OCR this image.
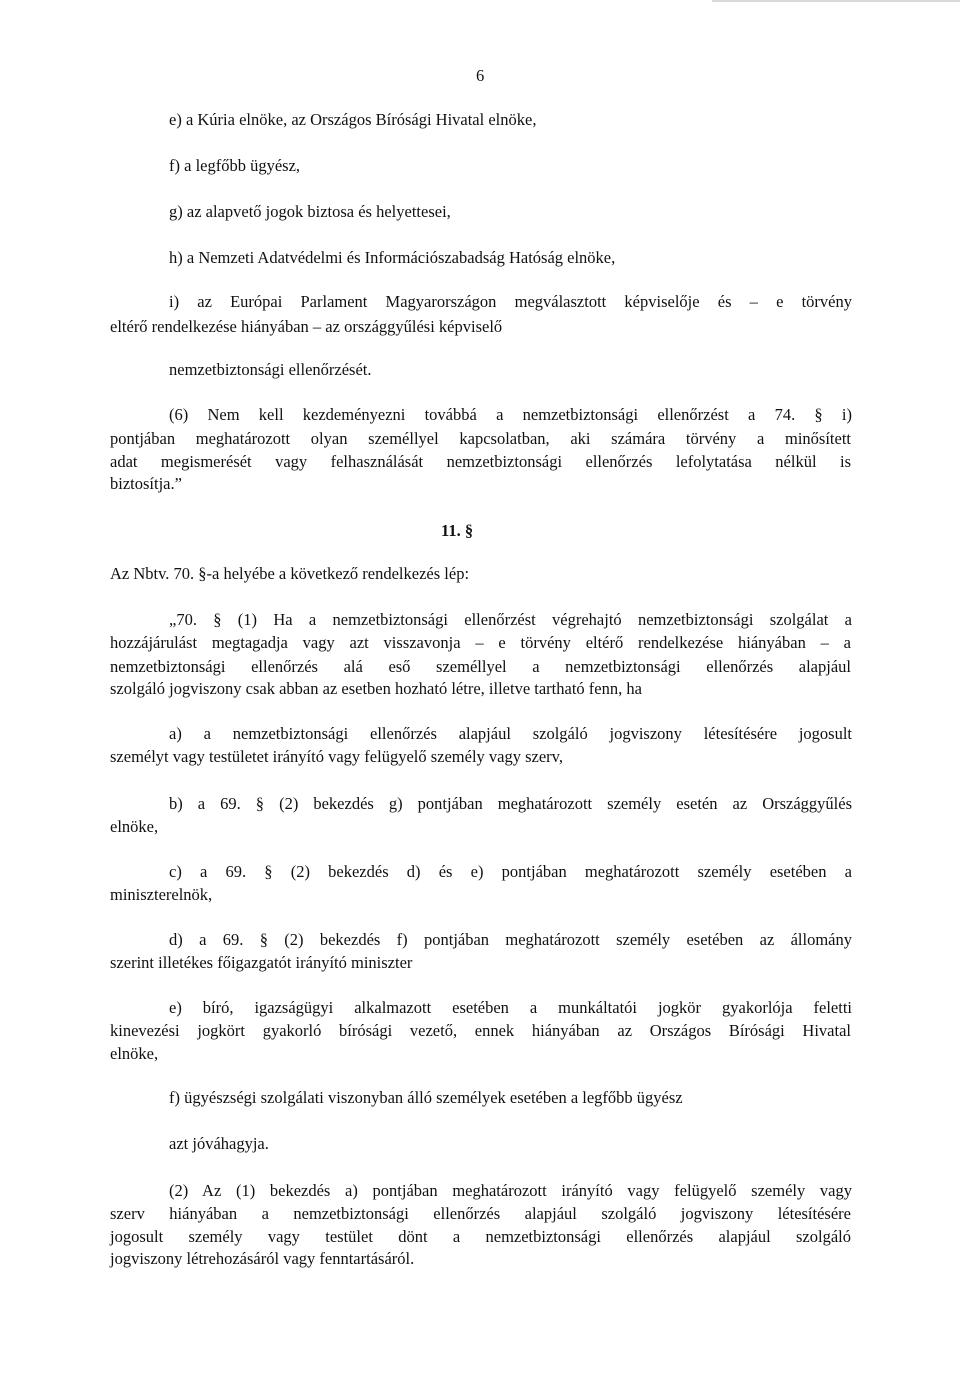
6
e) a Kúria elnöke, az Országos Bírósági Hivatal elnöke,
f) a legfőbb ügyész,
g) az alapvető jogok biztosa és helyettesei,
h) a Nemzeti Adatvédelmi és Információszabadság Hatóság elnöke,
i) az Európai Parlament Magyarországon megválasztott képviselője és – e törvény
eltérő rendelkezése hiányában – az országgyűlési képviselő
nemzetbiztonsági ellenőrzését.
(6) Nem kell kezdeményezni továbbá a nemzetbiztonsági ellenőrzést a 74. § i)
pontjában meghatározott olyan személlyel kapcsolatban, aki számára törvény a minősített
adat megismerését vagy felhasználását nemzetbiztonsági ellenőrzés lefolytatása nélkül is
biztosítja.”
11. §
Az Nbtv. 70. §-a helyébe a következő rendelkezés lép:
„70. § (1) Ha a nemzetbiztonsági ellenőrzést végrehajtó nemzetbiztonsági szolgálat a
hozzájárulást megtagadja vagy azt visszavonja – e törvény eltérő rendelkezése hiányában – a
nemzetbiztonsági ellenőrzés alá eső személlyel a nemzetbiztonsági ellenőrzés alapjául
szolgáló jogviszony csak abban az esetben hozható létre, illetve tartható fenn, ha
a) a nemzetbiztonsági ellenőrzés alapjául szolgáló jogviszony létesítésére jogosult
személyt vagy testületet irányító vagy felügyelő személy vagy szerv,
b) a 69. § (2) bekezdés g) pontjában meghatározott személy esetén az Országgyűlés
elnöke,
c) a 69. § (2) bekezdés d) és e) pontjában meghatározott személy esetében a
miniszterelnök,
d) a 69. § (2) bekezdés f) pontjában meghatározott személy esetében az állomány
szerint illetékes főigazgatót irányító miniszter
e) bíró, igazságügyi alkalmazott esetében a munkáltatói jogkör gyakorlója feletti
kinevezési jogkört gyakorló bírósági vezető, ennek hiányában az Országos Bírósági Hivatal
elnöke,
f) ügyészségi szolgálati viszonyban álló személyek esetében a legfőbb ügyész
azt jóváhagyja.
(2) Az (1) bekezdés a) pontjában meghatározott irányító vagy felügyelő személy vagy
szerv hiányában a nemzetbiztonsági ellenőrzés alapjául szolgáló jogviszony létesítésére
jogosult személy vagy testület dönt a nemzetbiztonsági ellenőrzés alapjául szolgáló
jogviszony létrehozásáról vagy fenntartásáról.
